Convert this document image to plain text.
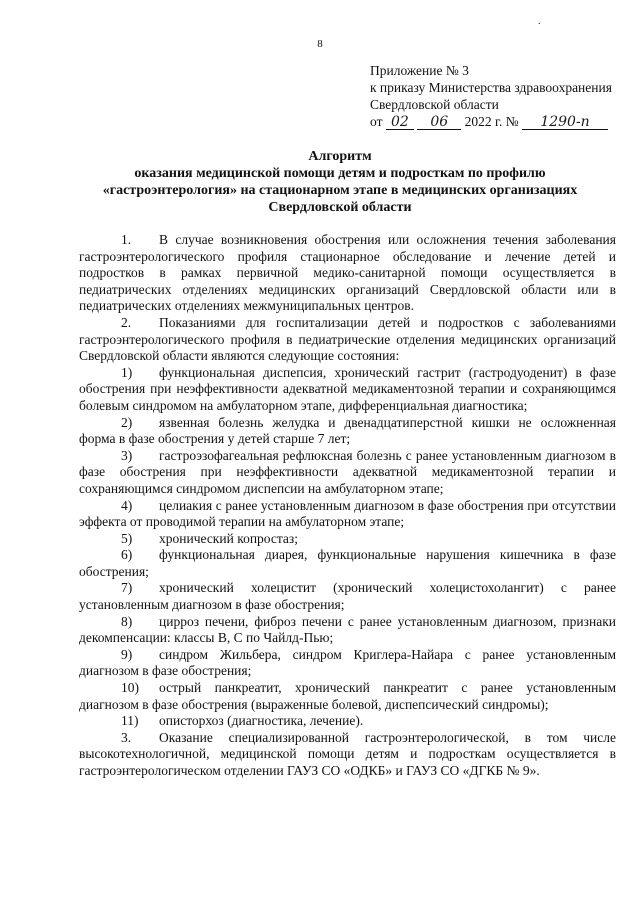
.
8
Приложение № 3
к приказу Министерства здравоохранения
Свердловской области
от 02 06 2022 г. № 1290-п
Алгоритм
оказания медицинской помощи детям и подросткам по профилю
«гастроэнтерология» на стационарном этапе в медицинских организациях
Свердловской области

1. В случае возникновения обострения или осложнения течения заболевания гастроэнтерологического профиля стационарное обследование и лечение детей и подростков в рамках первичной медико-санитарной помощи осуществляется в педиатрических отделениях медицинских организаций Свердловской области или в педиатрических отделениях межмуниципальных центров.

2. Показаниями для госпитализации детей и подростков с заболеваниями гастроэнтерологического профиля в педиатрические отделения медицинских организаций Свердловской области являются следующие состояния:

1) функциональная диспепсия, хронический гастрит (гастродуоденит) в фазе обострения при неэффективности адекватной медикаментозной терапии и сохраняющимся болевым синдромом на амбулаторном этапе, дифференциальная диагностика;

2) язвенная болезнь желудка и двенадцатиперстной кишки не осложненная форма в фазе обострения у детей старше 7 лет;

3) гастроэзофагеальная рефлюксная болезнь с ранее установленным диагнозом в фазе обострения при неэффективности адекватной медикаментозной терапии и сохраняющимся синдромом диспепсии на амбулаторном этапе;

4) целиакия с ранее установленным диагнозом в фазе обострения при отсутствии эффекта от проводимой терапии на амбулаторном этапе;

5) хронический копростаз;

6) функциональная диарея, функциональные нарушения кишечника в фазе обострения;

7) хронический холецистит (хронический холецистохолангит) с ранее установленным диагнозом в фазе обострения;

8) цирроз печени, фиброз печени с ранее установленным диагнозом, признаки декомпенсации: классы В, С по Чайлд-Пью;

9) синдром Жильбера, синдром Криглера-Найара с ранее установленным диагнозом в фазе обострения;

10) острый панкреатит, хронический панкреатит с ранее установленным диагнозом в фазе обострения (выраженные болевой, диспепсический синдромы);

11) описторхоз (диагностика, лечение).

3. Оказание специализированной гастроэнтерологической, в том числе высокотехнологичной, медицинской помощи детям и подросткам осуществляется в гастроэнтерологическом отделении ГАУЗ СО «ОДКБ» и ГАУЗ СО «ДГКБ № 9».
